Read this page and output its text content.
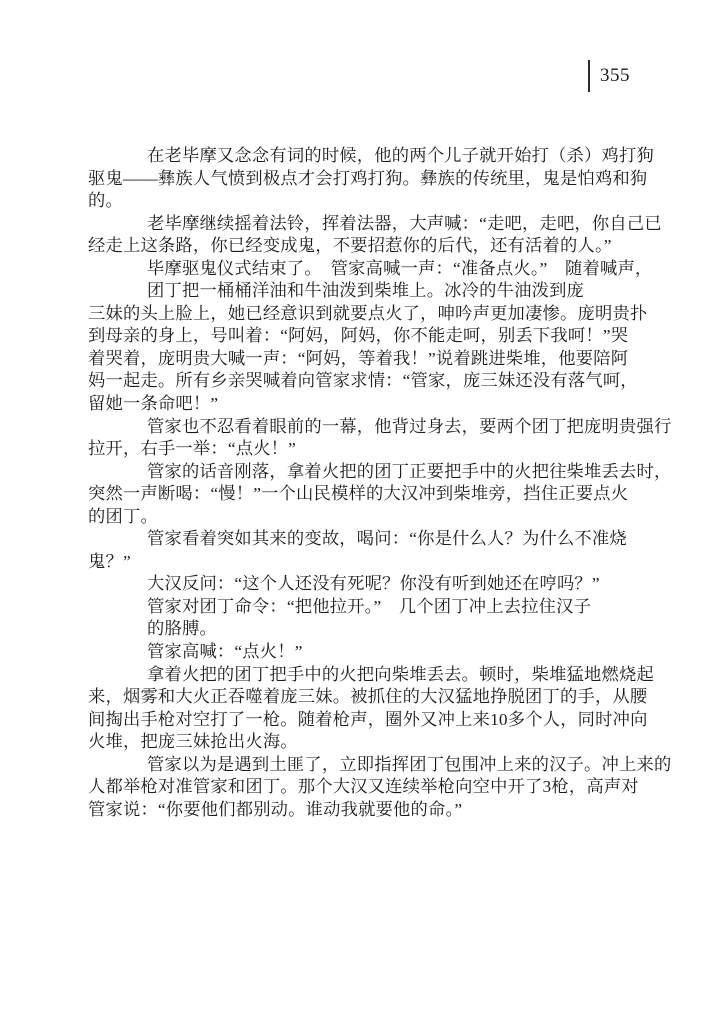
355
在老毕摩又念念有词的时候，他的两个儿子就开始打（杀）鸡打狗
驱鬼——彝族人气愤到极点才会打鸡打狗。彝族的传统里，鬼是怕鸡和狗
的。
老毕摩继续摇着法铃，挥着法器，大声喊：“走吧，走吧，你自己已
经走上这条路，你已经变成鬼，不要招惹你的后代，还有活着的人。”
毕摩驱鬼仪式结束了。　管家高喊一声：“准备点火。”　随着喊声，
团丁把一桶桶洋油和牛油泼到柴堆上。冰冷的牛油泼到庞
三妹的头上脸上，她已经意识到就要点火了，呻吟声更加凄惨。庞明贵扑
到母亲的身上，号叫着：“阿妈，阿妈，你不能走呵，别丢下我呵！”哭
着哭着，庞明贵大喊一声：“阿妈，等着我！”说着跳进柴堆，他要陪阿
妈一起走。所有乡亲哭喊着向管家求情：“管家，庞三妹还没有落气呵，
留她一条命吧！”
管家也不忍看着眼前的一幕，他背过身去，要两个团丁把庞明贵强行
拉开，右手一举：“点火！”
管家的话音刚落，拿着火把的团丁正要把手中的火把往柴堆丢去时，
突然一声断喝：“慢！”一个山民模样的大汉冲到柴堆旁，挡住正要点火
的团丁。
管家看着突如其来的变故，喝问：“你是什么人？为什么不准烧
鬼？”
大汉反问：“这个人还没有死呢？你没有听到她还在哼吗？”
管家对团丁命令：“把他拉开。”　几个团丁冲上去拉住汉子
的胳膊。
管家高喊：“点火！”
拿着火把的团丁把手中的火把向柴堆丢去。顿时，柴堆猛地燃烧起
来，烟雾和大火正吞噬着庞三妹。被抓住的大汉猛地挣脱团丁的手，从腰
间掏出手枪对空打了一枪。随着枪声，圈外又冲上来10多个人，同时冲向
火堆，把庞三妹抢出火海。
管家以为是遇到土匪了，立即指挥团丁包围冲上来的汉子。冲上来的
人都举枪对准管家和团丁。那个大汉又连续举枪向空中开了3枪，高声对
管家说：“你要他们都别动。谁动我就要他的命。”
